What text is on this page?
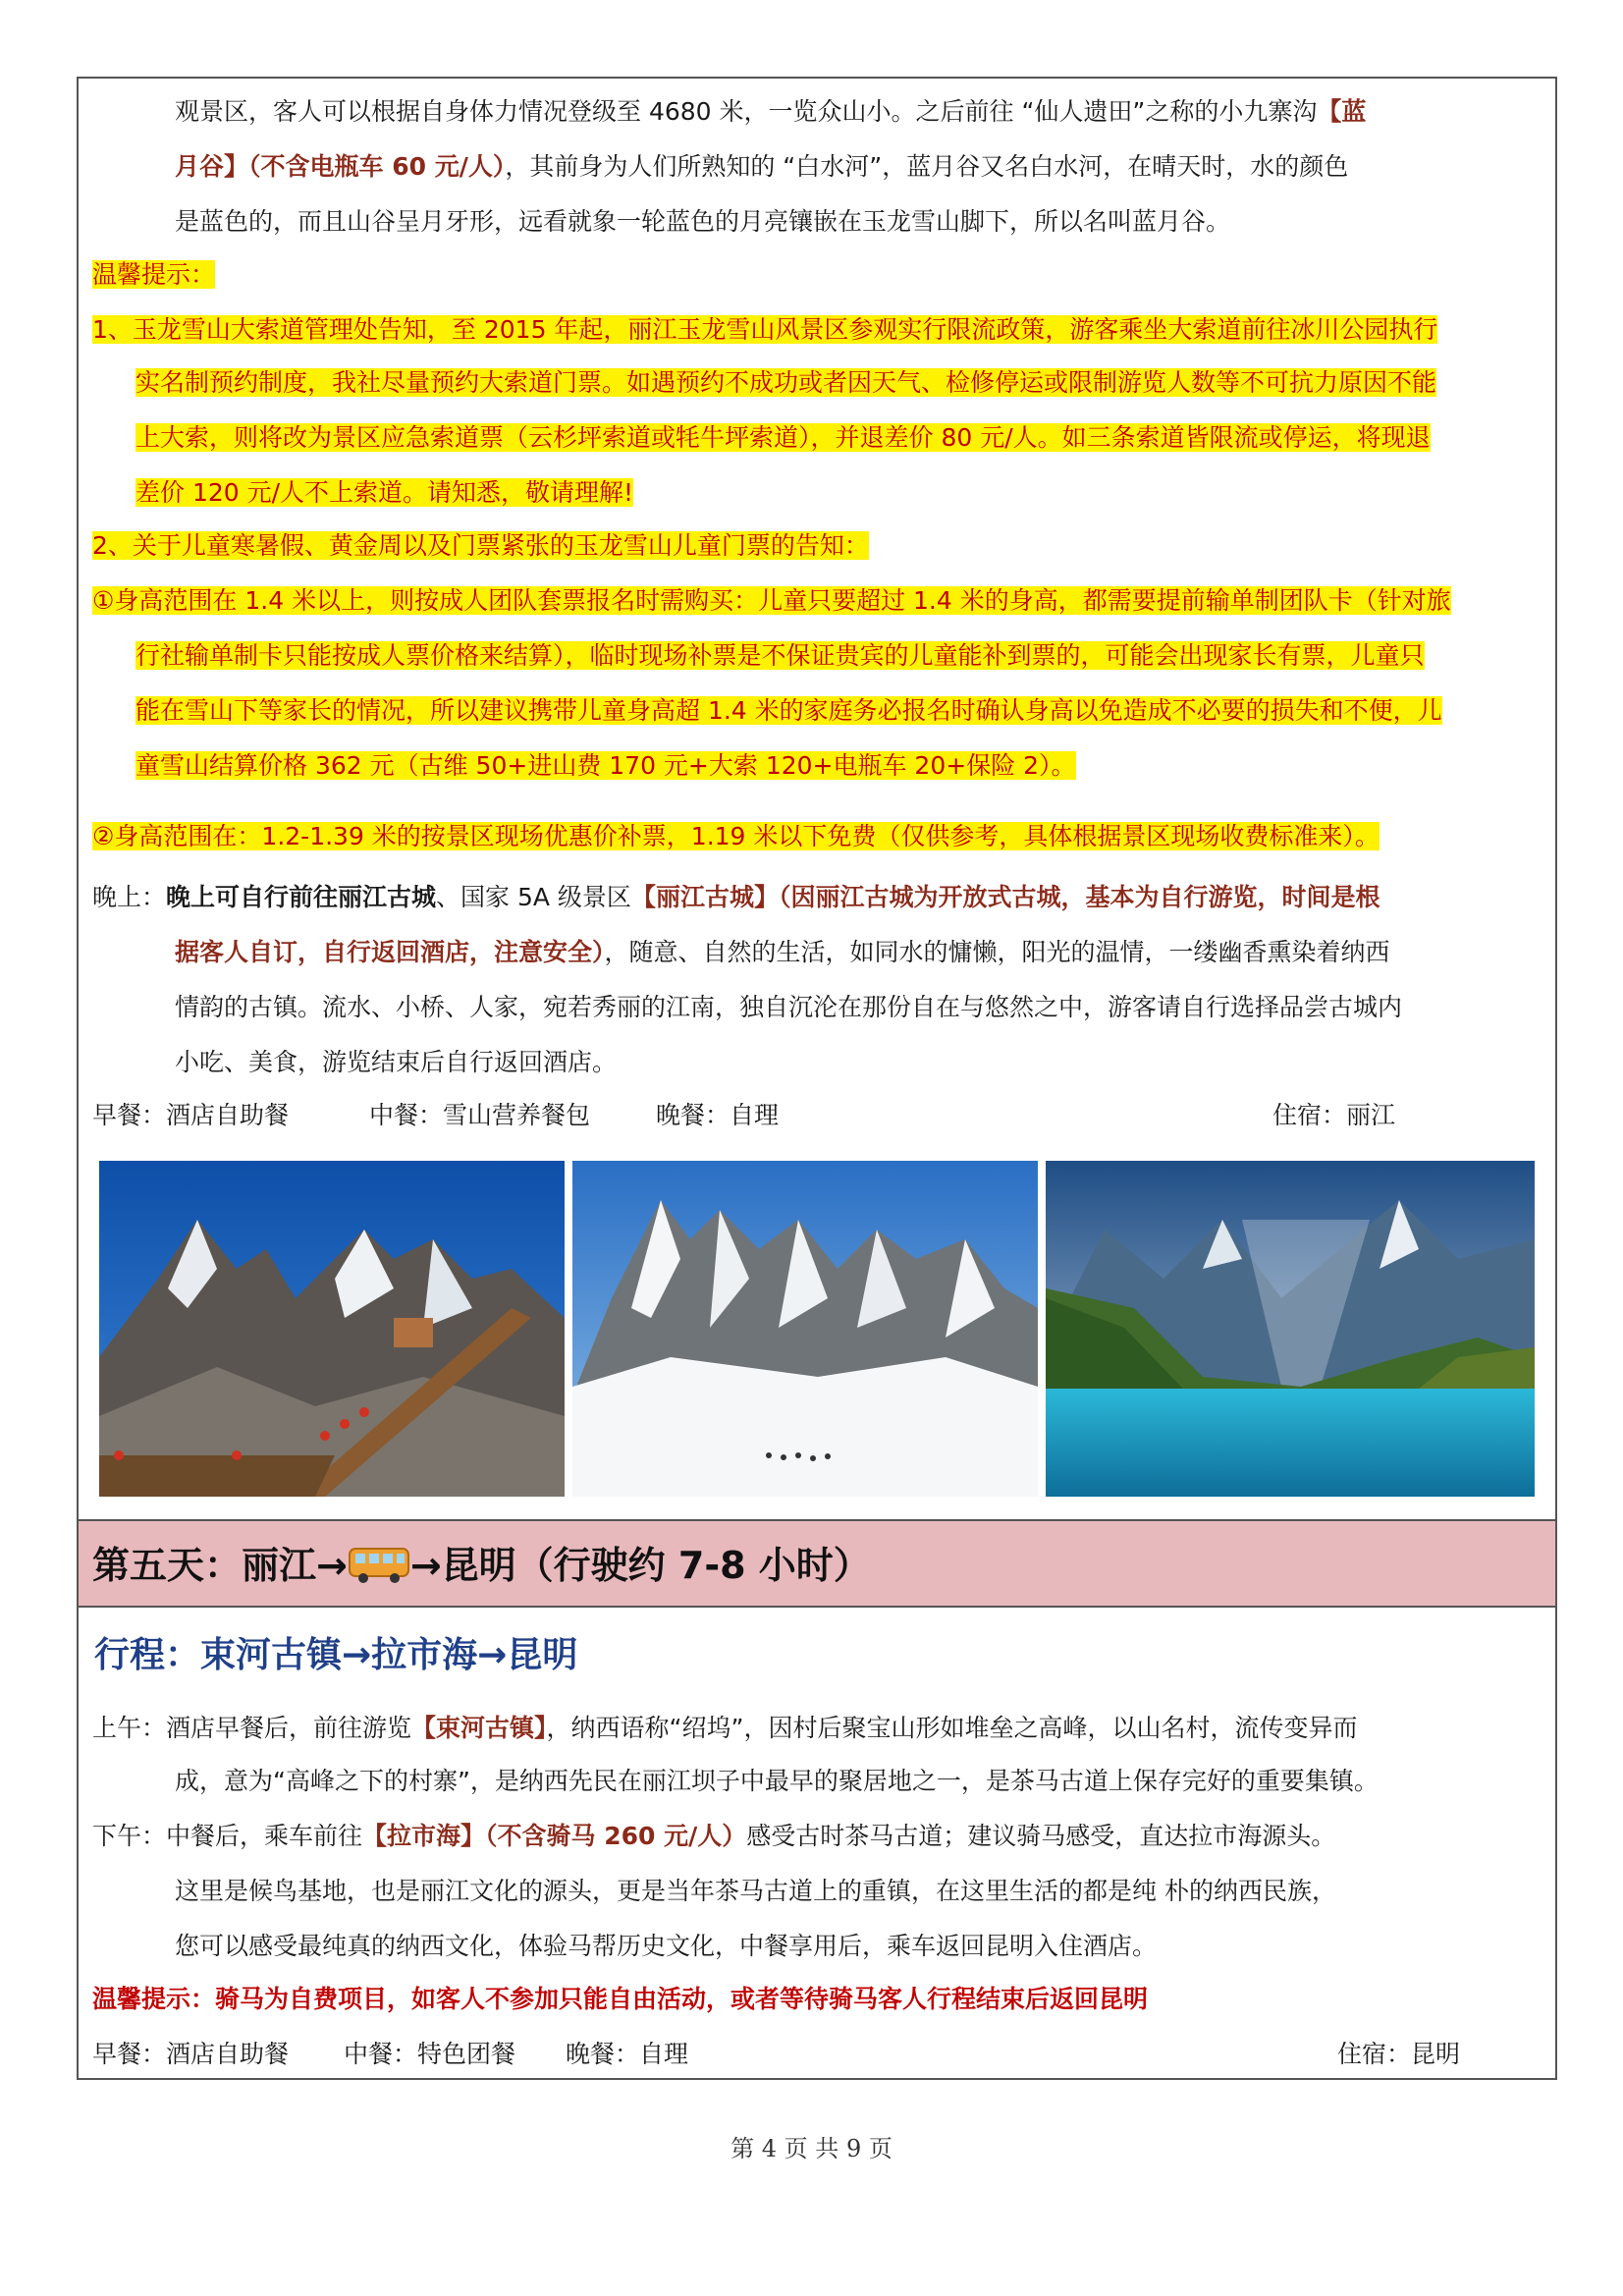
观景区，客人可以根据自身体力情况登级至 4680 米，一览众山小。之后前往 “仙人遗田”之称的小九寨沟【蓝
月谷】（不含电瓶车 60 元/人），其前身为人们所熟知的 “白水河”，蓝月谷又名白水河，在晴天时，水的颜色
是蓝色的，而且山谷呈月牙形，远看就象一轮蓝色的月亮镶嵌在玉龙雪山脚下，所以名叫蓝月谷。
温馨提示：
1、玉龙雪山大索道管理处告知，至 2015 年起，丽江玉龙雪山风景区参观实行限流政策，游客乘坐大索道前往冰川公园执行
实名制预约制度，我社尽量预约大索道门票。如遇预约不成功或者因天气、检修停运或限制游览人数等不可抗力原因不能
上大索，则将改为景区应急索道票（云杉坪索道或牦牛坪索道），并退差价 80 元/人。如三条索道皆限流或停运，将现退
差价 120 元/人不上索道。请知悉，敬请理解!
2、关于儿童寒暑假、黄金周以及门票紧张的玉龙雪山儿童门票的告知：
①身高范围在 1.4 米以上，则按成人团队套票报名时需购买：儿童只要超过 1.4 米的身高，都需要提前输单制团队卡（针对旅
行社输单制卡只能按成人票价格来结算），临时现场补票是不保证贵宾的儿童能补到票的，可能会出现家长有票，儿童只
能在雪山下等家长的情况，所以建议携带儿童身高超 1.4 米的家庭务必报名时确认身高以免造成不必要的损失和不便，儿
童雪山结算价格 362 元（古维 50+进山费 170 元+大索 120+电瓶车 20+保险 2）。
②身高范围在：1.2-1.39 米的按景区现场优惠价补票，1.19 米以下免费（仅供参考，具体根据景区现场收费标准来）。
晚上：晚上可自行前往丽江古城、国家 5A 级景区【丽江古城】（因丽江古城为开放式古城，基本为自行游览，时间是根
据客人自订，自行返回酒店，注意安全），随意、自然的生活，如同水的慵懒，阳光的温情，一缕幽香熏染着纳西
情韵的古镇。流水、小桥、人家，宛若秀丽的江南，独自沉沦在那份自在与悠然之中，游客请自行选择品尝古城内
小吃、美食，游览结束后自行返回酒店。
早餐：酒店自助餐	中餐：雪山营养餐包	晚餐：自理	住宿：丽江
第五天：丽江→ →昆明（行驶约 7-8 小时）
行程：束河古镇→拉市海→昆明
上午：酒店早餐后，前往游览【束河古镇】，纳西语称“绍坞”，因村后聚宝山形如堆垒之高峰，以山名村，流传变异而
成，意为“高峰之下的村寨”，是纳西先民在丽江坝子中最早的聚居地之一，是茶马古道上保存完好的重要集镇。
下午：中餐后，乘车前往【拉市海】（不含骑马 260 元/人）感受古时茶马古道；建议骑马感受，直达拉市海源头。
这里是候鸟基地，也是丽江文化的源头，更是当年茶马古道上的重镇，在这里生活的都是纯 朴的纳西民族，
您可以感受最纯真的纳西文化，体验马帮历史文化，中餐享用后，乘车返回昆明入住酒店。
温馨提示：骑马为自费项目，如客人不参加只能自由活动，或者等待骑马客人行程结束后返回昆明
早餐：酒店自助餐 中餐：特色团餐 晚餐：自理	住宿：昆明
第 4 页 共 9 页
